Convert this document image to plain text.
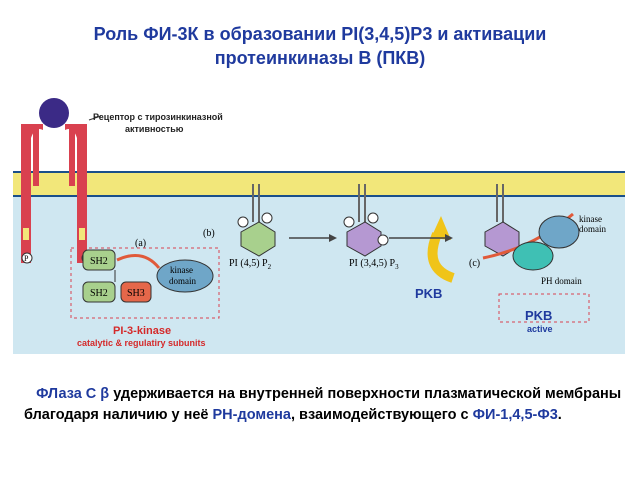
Роль ФИ-3К в образовании PI(3,4,5)P3 и активации
протеинкиназы В (ПКВ)
Рецептор с тирозинкиназной
активностью
P	SH2
SH2 SH3
kinase
domain
(a)
(b)
(c)
PI-3-kinase
catalytic & regulatiry subunits
PI (4,5) $P_2$	PI (3,4,5) $P_3$
PKB
kinase
domain
PH domain
PKB
active
ФЛаза С β удерживается на внутренней поверхности плазматической мембраны благодаря наличию у неё PH-домена, взаимодействующего с ФИ-1,4,5-Ф3.
